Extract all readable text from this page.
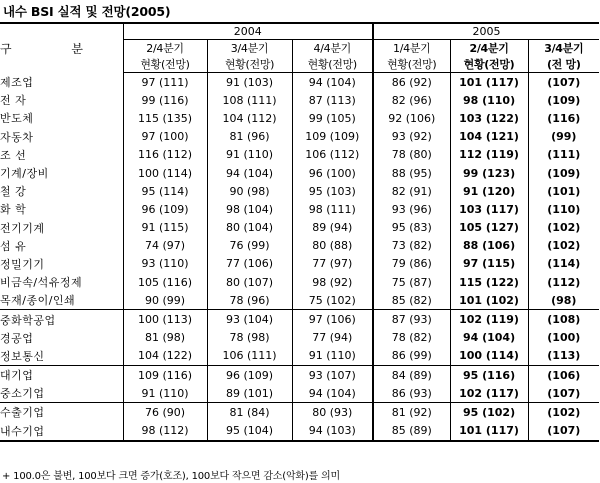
내수 BSI 실적 및 전망(2005)
구 분	2004			2005		
	2/4분기	3/4분기	4/4분기	1/4분기	2/4분기	3/4분기
	현황(전망)	현황(전망)	현황(전망)	현황(전망)	현황(전망)	(전 망)
제조업	97 (111)	91 (103)	94 (104)	86 (92)	101 (117)	(107)
전 자	99 (116)	108 (111)	87 (113)	82 (96)	98 (110)	(109)
반도체	115 (135)	104 (112)	99 (105)	92 (106)	103 (122)	(116)
자동차	97 (100)	81 (96)	109 (109)	93 (92)	104 (121)	(99)
조 선	116 (112)	91 (110)	106 (112)	78 (80)	112 (119)	(111)
기계/장비	100 (114)	94 (104)	96 (100)	88 (95)	99 (123)	(109)
철 강	95 (114)	90 (98)	95 (103)	82 (91)	91 (120)	(101)
화 학	96 (109)	98 (104)	98 (111)	93 (96)	103 (117)	(110)
전기기계	91 (115)	80 (104)	89 (94)	95 (83)	105 (127)	(102)
섬 유	74 (97)	76 (99)	80 (88)	73 (82)	88 (106)	(102)
정밀기기	93 (110)	77 (106)	77 (97)	79 (86)	97 (115)	(114)
비금속/석유정제	105 (116)	80 (107)	98 (92)	75 (87)	115 (122)	(112)
목재/종이/인쇄	90 (99)	78 (96)	75 (102)	85 (82)	101 (102)	(98)
중화학공업	100 (113)	93 (104)	97 (106)	87 (93)	102 (119)	(108)
경공업	81 (98)	78 (98)	77 (94)	78 (82)	94 (104)	(100)
정보통신	104 (122)	106 (111)	91 (110)	86 (99)	100 (114)	(113)
대기업	109 (116)	96 (109)	93 (107)	84 (89)	95 (116)	(106)
중소기업	91 (110)	89 (101)	94 (104)	86 (93)	102 (117)	(107)
수출기업	76 (90)	81 (84)	80 (93)	81 (92)	95 (102)	(102)
내수기업	98 (112)	95 (104)	94 (103)	85 (89)	101 (117)	(107)
+ 100.0은 불변, 100보다 크면 증가(호조), 100보다 작으면 감소(악화)를 의미
